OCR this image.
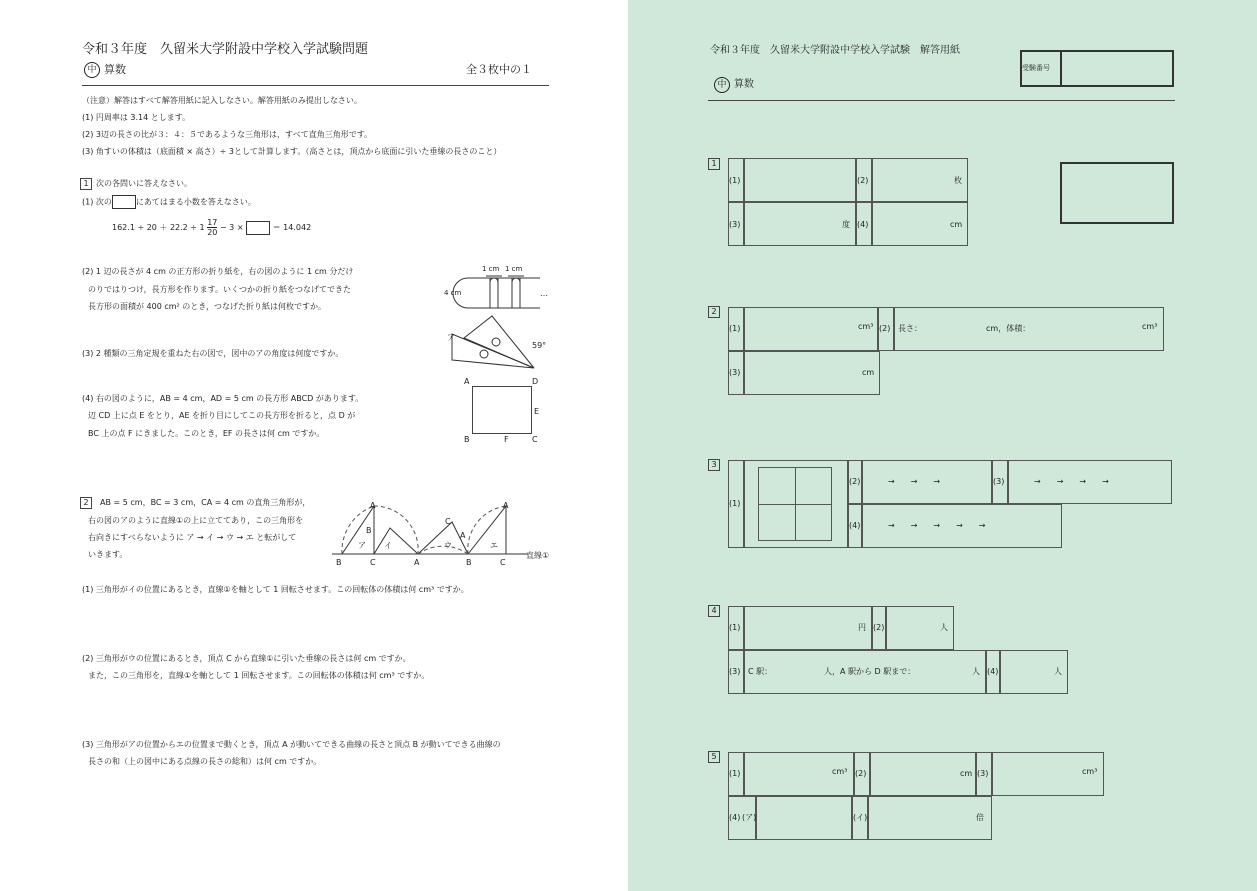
令和３年度　久留米大学附設中学校入学試験問題
中 算数	全３枚中の１
（注意）解答はすべて解答用紙に記入しなさい。解答用紙のみ提出しなさい。
(1) 円周率は 3.14 とします。
(2) 3辺の長さの比が３：４：５であるような三角形は，すべて直角三角形です。
(3) 角すいの体積は（底面積 × 高さ）÷ 3として計算します。（高さとは，頂点から底面に引いた垂線の長さのこと）
1 次の各問いに答えなさい。
(1) 次の	にあてはまる小数を答えなさい。
$162.1 \div 20 + 22.2 \div 1 \frac{17}{20} - 3$ ×	＝ 14.042
(2) 1 辺の長さが 4 cm の正方形の折り紙を，右の図のように 1 cm 分だけ
のりではりつけ，長方形を作ります。いくつかの折り紙をつなげてできた
長方形の面積が 400 cm² のとき，つなげた折り紙は何枚ですか。
1 cm 1 cm
4 cm	…
(3) 2 種類の三角定規を重ねた右の図で，図中のアの角度は何度ですか。
ア
59°
(4) 右の図のように，AB = 4 cm，AD = 5 cm の長方形 ABCD があります。
辺 CD 上に点 E をとり，AE を折り目にしてこの長方形を折ると，点 D が
BC 上の点 F にきました。このとき，EF の長さは何 cm ですか。
A	D
E
B	F	C
2	AB = 5 cm，BC = 3 cm，CA = 4 cm の直角三角形が，
右の図のアのように直線①の上に立ててあり，この三角形を
右向きにすべらないように ア → イ → ウ → エ と転がして
いきます。
A
B
C
A
A
ア イ	ウ	エ
B	C	A	B	C
直線①
(1) 三角形がイの位置にあるとき，直線①を軸として 1 回転させます。この回転体の体積は何 cm³ ですか。
(2) 三角形がウの位置にあるとき，頂点 C から直線①に引いた垂線の長さは何 cm ですか。
また，この三角形を，直線①を軸として 1 回転させます。この回転体の体積は何 cm³ ですか。
(3) 三角形がアの位置からエの位置まで動くとき，頂点 A が動いてできる曲線の長さと頂点 B が動いてできる曲線の
長さの和（上の図中にある点線の長さの総和）は何 cm ですか。
令和３年度　久留米大学附設中学校入学試験　解答用紙
中 算数
受験番号
1
(1)	(2)	枚
(3)	度 (4)	cm
2
(1)	cm³ (2) 長さ：	cm，体積：	cm³
(3)	cm
3
(1)
(2)	→　　→　　→	(3)	→　　→　　→　　→
(4)	→　　→　　→　　→　　→
4
(1)	円 (2)	人
(3) C 駅：	人，A 駅から D 駅まで：	人 (4)	人
5
(1)	cm³ (2)	cm (3)	cm³
(4) (ア)	(イ)	倍
